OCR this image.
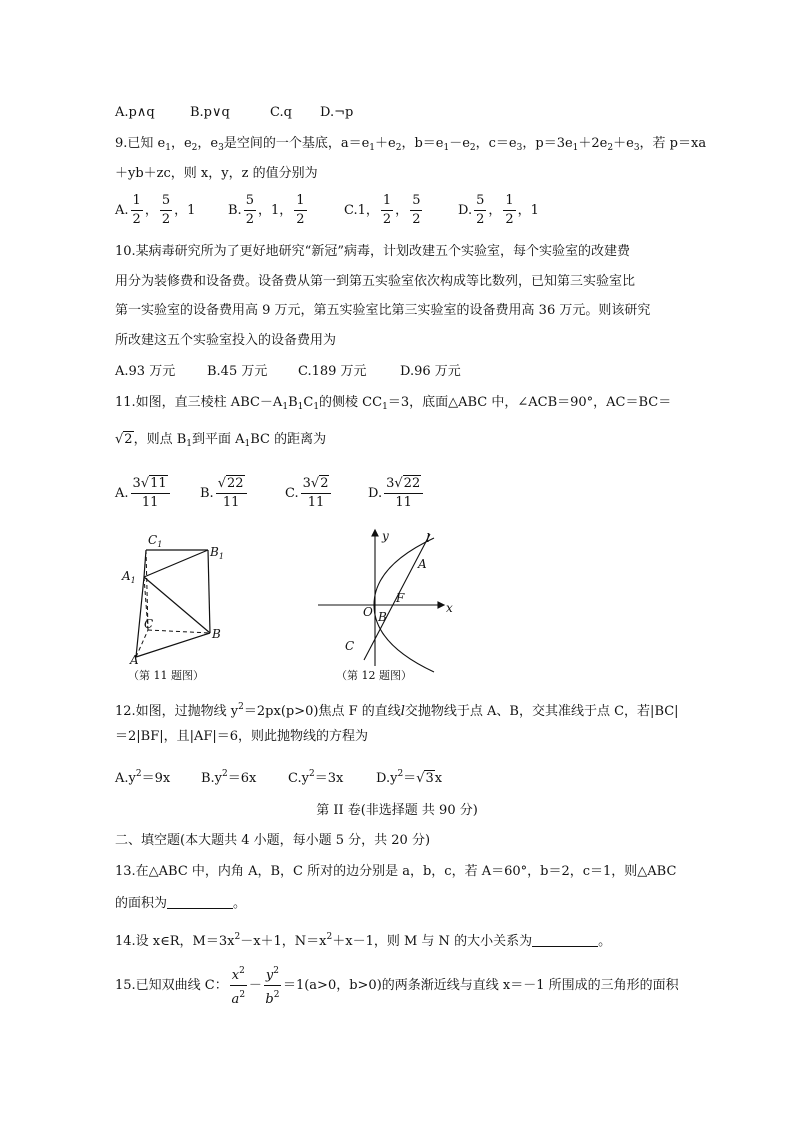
A.p∧q	B.p∨q	C.q D.¬p
9.已知 $e_1$，$e_2$，$e_3$是空间的一个基底，$a=e_1+e_2$，$b=e_1-e_2$，$c=e_3$，$p=3e_1+2e_2+e_3$，若 p＝xa
＋yb＋zc，则 x，y，z 的值分别为
A. $\frac{1}{2}$ ， $\frac{5}{2}$ ，1	B. $\frac{5}{2}$ ，1， $\frac{1}{2}$	C.1， $\frac{1}{2}$ ， $\frac{5}{2}$	D. $\frac{5}{2}$ ， $\frac{1}{2}$ ，1
10.某病毒研究所为了更好地研究“新冠”病毒，计划改建五个实验室，每个实验室的改建费
用分为装修费和设备费。设备费从第一到第五实验室依次构成等比数列，已知第三实验室比
第一实验室的设备费用高 9 万元，第五实验室比第三实验室的设备费用高 36 万元。则该研究
所改建这五个实验室投入的设备费用为
A.93 万元 B.45 万元 C.189 万元	D.96 万元
11.如图，直三棱柱 $ABC-A_1B_1C_1$的侧棱 $CC_1=3$，底面△ABC 中，∠ACB＝90°，AC＝BC＝
√2，则点 $B_1$到平面 $A_1BC$ 的距离为
A. $\frac{3√11}{11} B$. $\frac{√22}{11}$	C. $\frac{3√2}{11}$	D. $\frac{3√22}{11}$
$C_1$
$B_1$
$A_1$
C
B
A
（第 11 题图）
y
x
l
A
F
O B
C
（第 12 题图）
12.如图，过抛物线 $y^2=2px(p>0)$焦点 F 的直线l交抛物线于点 A、B，交其准线于点 C，若|BC|
＝2|BF|，且|AF|＝6，则此抛物线的方程为
$A.y^2=9x$ $B.y^2=6x$ $C.y^2=3x$	$D.y^2=√3x$
第 II 卷(非选择题 共 90 分)
二、填空题(本大题共 4 小题，每小题 5 分，共 20 分)
13.在△ABC 中，内角 A，B，C 所对的边分别是 a，b，c，若 A＝60°，b＝2，c＝1，则△ABC
的面积为	。
14.设 x∈R，$M=3x^2-x+1$，$N=x^2+x-1$，则 M 与 N 的大小关系为	。
15.已知双曲线 C： $\frac{x^2}{a^2} - \frac{y^2}{b^2} =1(a>0$，b>0)的两条渐近线与直线 x＝－1 所围成的三角形的面积
